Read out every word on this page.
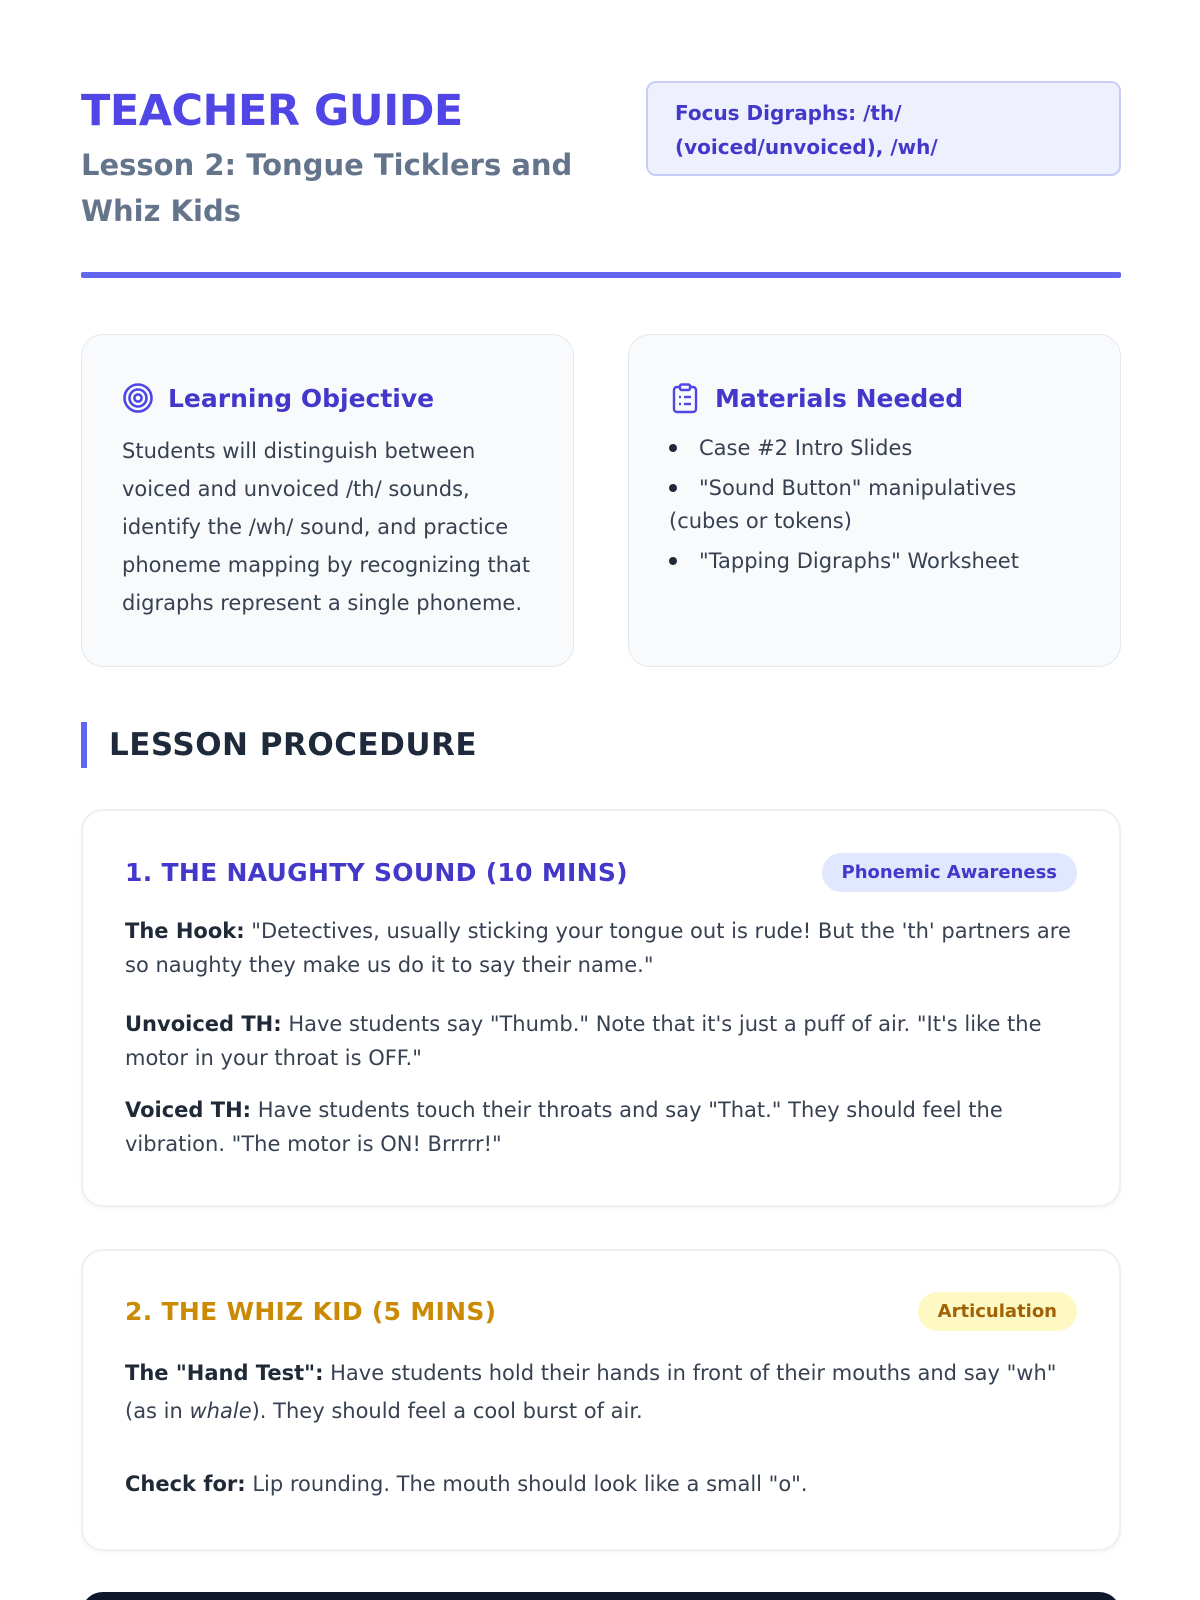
TEACHER GUIDE
Lesson 2: Tongue Ticklers and Whiz Kids
Focus Digraphs: /th/ (voiced/unvoiced), /wh/
Learning Objective

Students will distinguish between voiced and unvoiced /th/ sounds, identify the /wh/ sound, and practice phoneme mapping by recognizing that digraphs represent a single phoneme.

Materials Needed
Case #2 Intro Slides
"Sound Button" manipulatives (cubes or tokens)
"Tapping Digraphs" Worksheet
LESSON PROCEDURE
1. THE NAUGHTY SOUND (10 MINS)	Phonemic Awareness

The Hook: "Detectives, usually sticking your tongue out is rude! But the 'th' partners are so naughty they make us do it to say their name."

Unvoiced TH: Have students say "Thumb." Note that it's just a puff of air. "It's like the motor in your throat is OFF."

Voiced TH: Have students touch their throats and say "That." They should feel the vibration. "The motor is ON! Brrrrr!"

2. THE WHIZ KID (5 MINS)	Articulation

The "Hand Test": Have students hold their hands in front of their mouths and say "wh" (as in whale). They should feel a cool burst of air.

Check for: Lip rounding. The mouth should look like a small "o".
